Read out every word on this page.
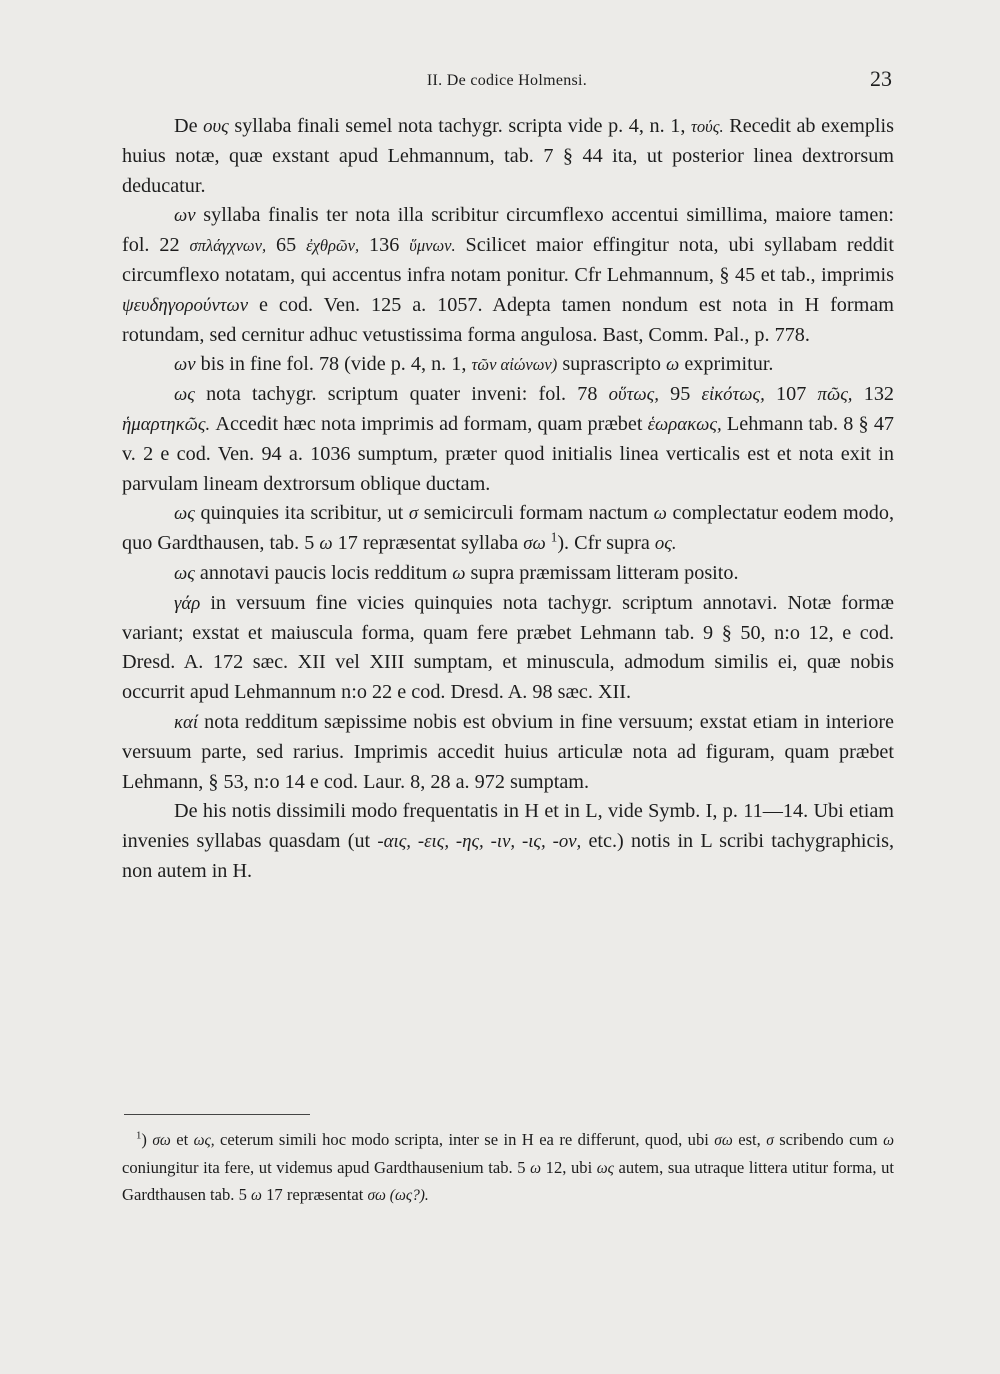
II. De codice Holmensi.	23

De ους syllaba finali semel nota tachygr. scripta vide p. 4, n. 1, τούς. Recedit ab exemplis huius notæ, quæ exstant apud Lehmannum, tab. 7 § 44 ita, ut posterior linea dextrorsum deducatur.

ων syllaba finalis ter nota illa scribitur circumflexo accentui simillima, maiore tamen: fol. 22 σπλάγχνων, 65 ἐχθρῶν, 136 ὕμνων. Scilicet maior effingitur nota, ubi syllabam reddit circumflexo notatam, qui accentus infra notam ponitur. Cfr Lehmannum, § 45 et tab., imprimis ψευδηγορούντων e cod. Ven. 125 a. 1057. Adepta tamen nondum est nota in H formam rotundam, sed cernitur adhuc vetustissima forma angulosa. Bast, Comm. Pal., p. 778.

ων bis in fine fol. 78 (vide p. 4, n. 1, τῶν αἰώνων) suprascripto ω exprimitur.

ως nota tachygr. scriptum quater inveni: fol. 78 οὕτως, 95 εἰκότως, 107 πῶς, 132 ἡμαρτηκῶς. Accedit hæc nota imprimis ad formam, quam præbet ἑωρακως, Lehmann tab. 8 § 47 v. 2 e cod. Ven. 94 a. 1036 sumptum, præter quod initialis linea verticalis est et nota exit in parvulam lineam dextrorsum oblique ductam.

ως quinquies ita scribitur, ut σ semicirculi formam nactum ω complectatur eodem modo, quo Gardthausen, tab. 5 ω 17 repræsentat syllaba σω $^1$). Cfr supra ος.

ως annotavi paucis locis redditum ω supra præmissam litteram posito.

γάρ in versuum fine vicies quinquies nota tachygr. scriptum annotavi. Notæ formæ variant; exstat et maiuscula forma, quam fere præbet Lehmann tab. 9 § 50, n:o 12, e cod. Dresd. A. 172 sæc. XII vel XIII sumptam, et minuscula, admodum similis ei, quæ nobis occurrit apud Lehmannum n:o 22 e cod. Dresd. A. 98 sæc. XII.

καί nota redditum sæpissime nobis est obvium in fine versuum; exstat etiam in interiore versuum parte, sed rarius. Imprimis accedit huius articulæ nota ad figuram, quam præbet Lehmann, § 53, n:o 14 e cod. Laur. 8, 28 a. 972 sumptam.

De his notis dissimili modo frequentatis in H et in L, vide Symb. I, p. 11—14. Ubi etiam invenies syllabas quasdam (ut -αις, -εις, -ης, -ιν, -ις, -ον, etc.) notis in L scribi tachygraphicis, non autem in H.

$^1$) σω et ως, ceterum simili hoc modo scripta, inter se in H ea re differunt, quod, ubi σω est, σ scribendo cum ω coniungitur ita fere, ut videmus apud Gardthausenium tab. 5 ω 12, ubi ως autem, sua utraque littera utitur forma, ut Gardthausen tab. 5 ω 17 repræsentat σω (ως?).
